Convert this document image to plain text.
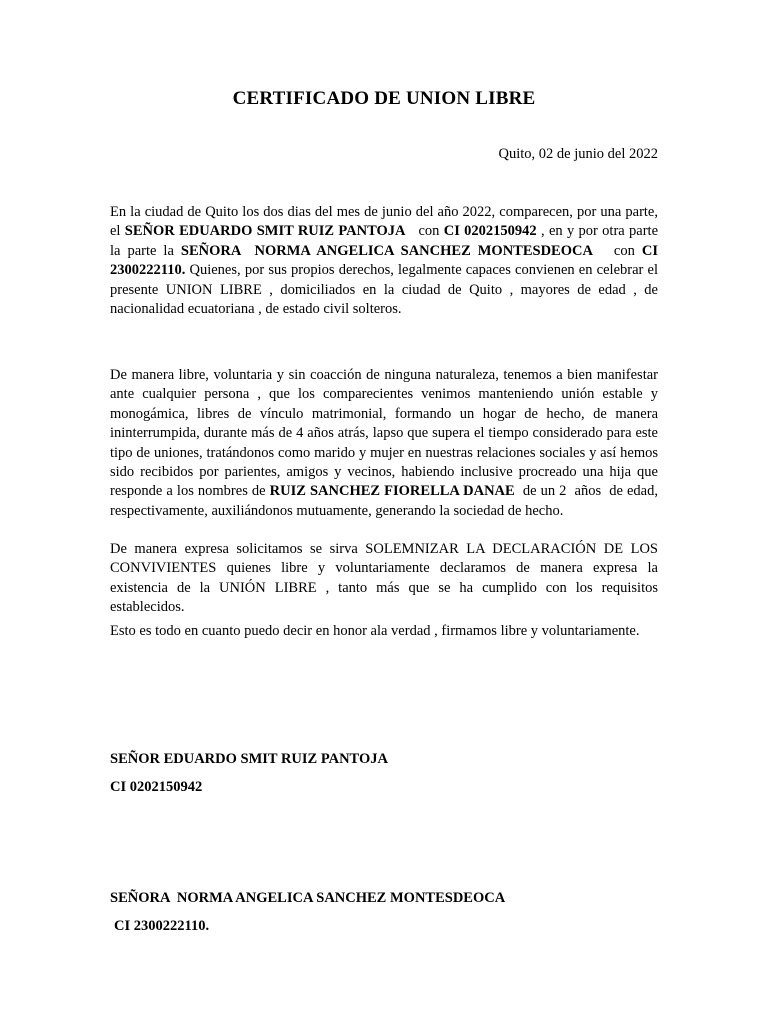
CERTIFICADO DE UNION LIBRE

Quito, 02 de junio del 2022

En la ciudad de Quito los dos dias del mes de junio del año 2022, comparecen, por una parte, el SEÑOR EDUARDO SMIT RUIZ PANTOJA   con CI 0202150942 , en y por otra parte la parte la SEÑORA  NORMA ANGELICA SANCHEZ MONTESDEOCA   con CI 2300222110. Quienes, por sus propios derechos, legalmente capaces convienen en celebrar el presente UNION LIBRE , domiciliados en la ciudad de Quito , mayores de edad , de nacionalidad ecuatoriana , de estado civil solteros.

De manera libre, voluntaria y sin coacción de ninguna naturaleza, tenemos a bien manifestar ante cualquier persona , que los comparecientes venimos manteniendo unión estable y monogámica, libres de vínculo matrimonial, formando un hogar de hecho, de manera ininterrumpida, durante más de 4 años atrás, lapso que supera el tiempo considerado para este tipo de uniones, tratándonos como marido y mujer en nuestras relaciones sociales y así hemos sido recibidos por parientes, amigos y vecinos, habiendo inclusive procreado una hija que responde a los nombres de RUIZ SANCHEZ FIORELLA DANAE  de un 2  años  de edad, respectivamente, auxiliándonos mutuamente, generando la sociedad de hecho.

De manera expresa solicitamos se sirva SOLEMNIZAR LA DECLARACIÓN DE LOS CONVIVIENTES quienes libre y voluntariamente declaramos de manera expresa la existencia de la UNIÓN LIBRE , tanto más que se ha cumplido con los requisitos establecidos.

Esto es todo en cuanto puedo decir en honor ala verdad , firmamos libre y voluntariamente.

SEÑOR EDUARDO SMIT RUIZ PANTOJA

CI 0202150942

SEÑORA  NORMA ANGELICA SANCHEZ MONTESDEOCA

CI 2300222110.
